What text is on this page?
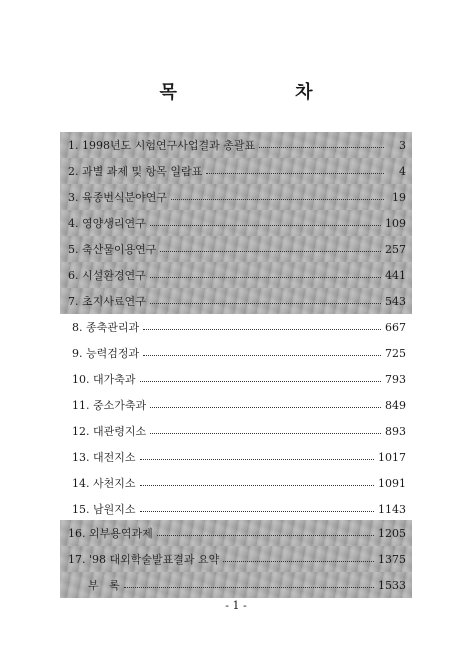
목 차
1. 1998년도 시험연구사업결과 총괄표	3
2. 과별 과제 및 항목 일람표	4
3. 육종번식분야연구	19
4. 영양생리연구	109
5. 축산물이용연구	257
6. 시설환경연구	441
7. 초지사료연구	543
8. 종축관리과	667
9. 능력검정과	725
10. 대가축과	793
11. 중소가축과	849
12. 대관령지소	893
13. 대전지소	1017
14. 사천지소	1091
15. 남원지소	1143
16. 외부용역과제	1205
17. '98 대외학술발표결과 요약	1375
부   록	1533
- 1 -
